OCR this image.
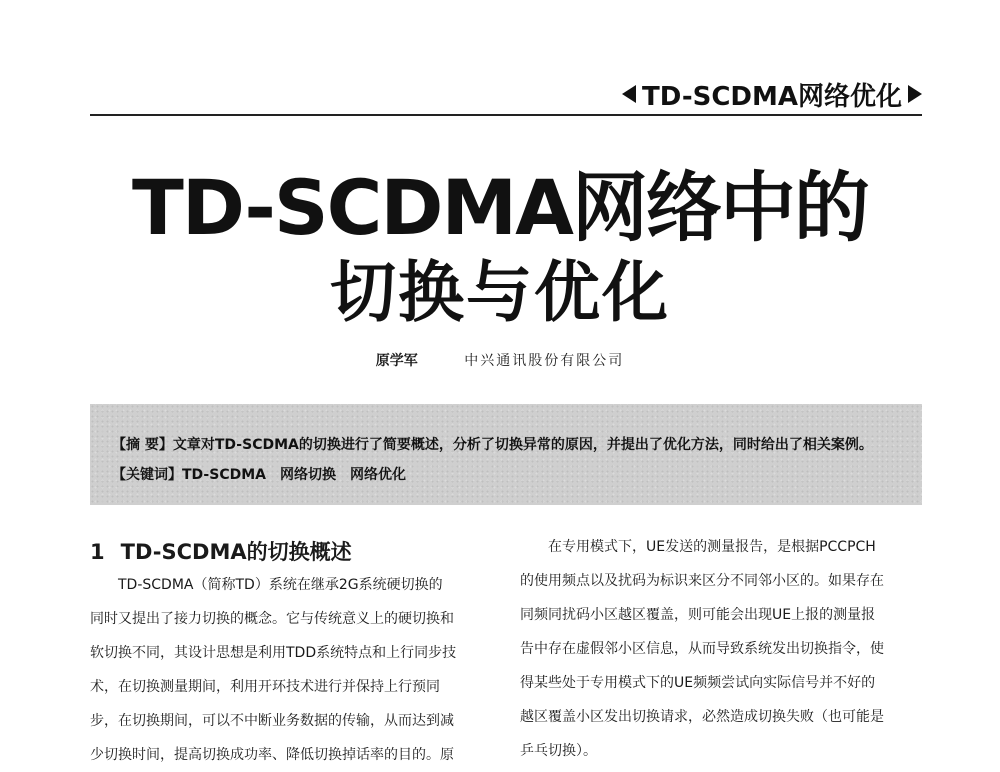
TD-SCDMA网络优化
TD-SCDMA网络中的
切换与优化
原学军	中兴通讯股份有限公司
【摘 要】文章对TD-SCDMA的切换进行了简要概述，分析了切换异常的原因，并提出了优化方法，同时给出了相关案例。
【关键词】TD-SCDMA 网络切换 网络优化
1 TD-SCDMA的切换概述
TD-SCDMA（简称TD）系统在继承2G系统硬切换的
同时又提出了接力切换的概念。它与传统意义上的硬切换和
软切换不同，其设计思想是利用TDD系统特点和上行同步技
术，在切换测量期间，利用开环技术进行并保持上行预同
步，在切换期间，可以不中断业务数据的传输，从而达到减
少切换时间，提高切换成功率、降低切换掉话率的目的。原
在专用模式下，UE发送的测量报告，是根据PCCPCH
的使用频点以及扰码为标识来区分不同邻小区的。如果存在
同频同扰码小区越区覆盖，则可能会出现UE上报的测量报
告中存在虚假邻小区信息，从而导致系统发出切换指令，使
得某些处于专用模式下的UE频频尝试向实际信号并不好的
越区覆盖小区发出切换请求，必然造成切换失败（也可能是
乒乓切换）。
